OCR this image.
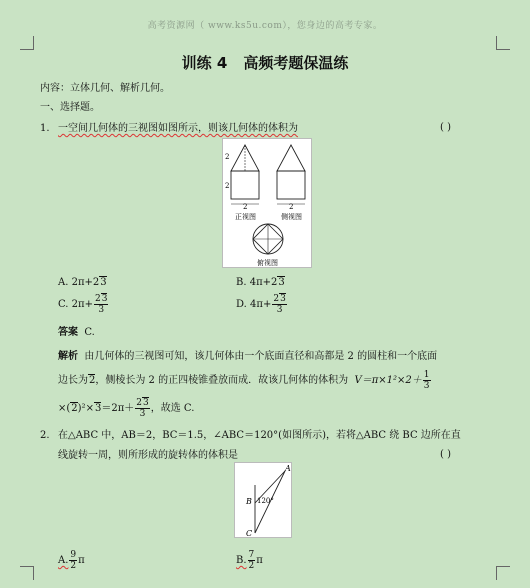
高考资源网（ www.ks5u.com），您身边的高考专家。
训练 4 高频考题保温练
内容：立体几何、解析几何。
一、选择题。
1. 一空间几何体的三视图如图所示，则该几何体的体积为	( )
2
2
2	2
正视图	侧视图
俯视图
A. 2π+23	B. 4π+23
C. $2\pi+ \frac{23}{3}$	D. $4\pi+ \frac{23}{3}$
答案 C.
解析 由几何体的三视图可知，该几何体由一个底面直径和高都是 2 的圆柱和一个底面
边长为2，侧棱长为 2 的正四棱锥叠放而成．故该几何体的体积为 $V=\pi\times 1^2\times 2+ \frac{1}{3}$
$\times(2)^2\times 3=2\pi+ \frac{23}{3}$ ，故选 C.
2. 在△ABC 中，AB＝2，BC＝1.5，∠ABC＝120°(如图所示)，若将△ABC 绕 BC 边所在直
线旋转一周，则所形成的旋转体的体积是	( )
A
B
C
120°
A. $\frac{9}{2}$ π	B. $\frac{7}{2}$ π
